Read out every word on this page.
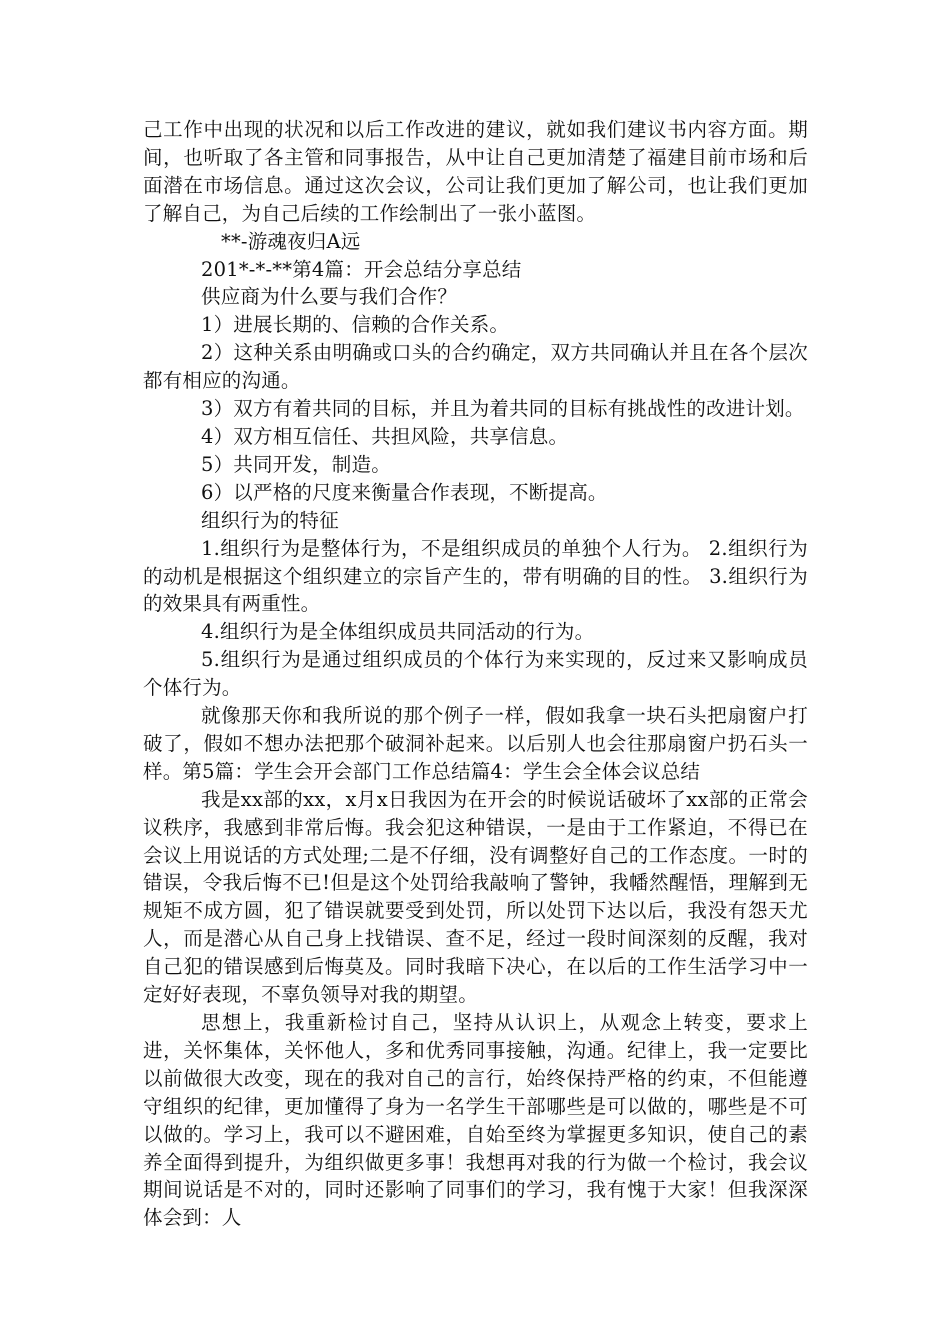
己工作中出现的状况和以后工作改进的建议，就如我们建议书内容方面。期间，也听取了各主管和同事报告，从中让自己更加清楚了福建目前市场和后面潜在市场信息。通过这次会议，公司让我们更加了解公司，也让我们更加了解自己，为自己后续的工作绘制出了一张小蓝图。

**-游魂夜归A远

201*-*-**第4篇：开会总结分享总结

供应商为什么要与我们合作？

1）进展长期的、信赖的合作关系。

2）这种关系由明确或口头的合约确定，双方共同确认并且在各个层次都有相应的沟通。

3）双方有着共同的目标，并且为着共同的目标有挑战性的改进计划。

4）双方相互信任、共担风险，共享信息。

5）共同开发，制造。

6）以严格的尺度来衡量合作表现，不断提高。

组织行为的特征

1.组织行为是整体行为，不是组织成员的单独个人行为。 2.组织行为的动机是根据这个组织建立的宗旨产生的，带有明确的目的性。 3.组织行为的效果具有两重性。

4.组织行为是全体组织成员共同活动的行为。

5.组织行为是通过组织成员的个体行为来实现的，反过来又影响成员个体行为。

就像那天你和我所说的那个例子一样，假如我拿一块石头把扇窗户打破了，假如不想办法把那个破洞补起来。以后别人也会往那扇窗户扔石头一样。第5篇：学生会开会部门工作总结篇4：学生会全体会议总结

我是xx部的xx，x月x日我因为在开会的时候说话破坏了xx部的正常会议秩序，我感到非常后悔。我会犯这种错误，一是由于工作紧迫，不得已在会议上用说话的方式处理;二是不仔细，没有调整好自己的工作态度。一时的错误，令我后悔不已!但是这个处罚给我敲响了警钟，我幡然醒悟，理解到无规矩不成方圆，犯了错误就要受到处罚，所以处罚下达以后，我没有怨天尤人，而是潜心从自己身上找错误、查不足，经过一段时间深刻的反醒，我对自己犯的错误感到后悔莫及。同时我暗下决心，在以后的工作生活学习中一定好好表现，不辜负领导对我的期望。

思想上，我重新检讨自己，坚持从认识上，从观念上转变，要求上进，关怀集体，关怀他人，多和优秀同事接触，沟通。纪律上，我一定要比以前做很大改变，现在的我对自己的言行，始终保持严格的约束，不但能遵守组织的纪律，更加懂得了身为一名学生干部哪些是可以做的，哪些是不可以做的。学习上，我可以不避困难，自始至终为掌握更多知识，使自己的素养全面得到提升，为组织做更多事！我想再对我的行为做一个检讨，我会议期间说话是不对的，同时还影响了同事们的学习，我有愧于大家！但我深深体会到：人
